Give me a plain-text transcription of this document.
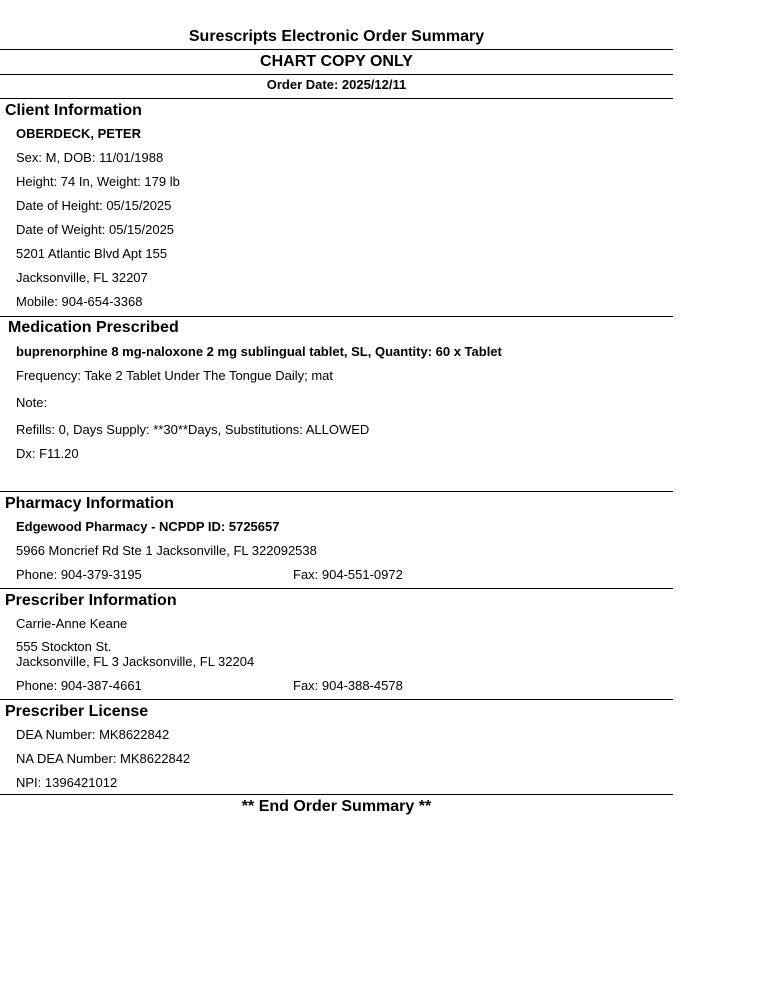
Surescripts Electronic Order Summary
CHART COPY ONLY
Order Date: 2025/12/11
Client Information
OBERDECK, PETER
Sex: M, DOB: 11/01/1988
Height: 74 In, Weight: 179 lb
Date of Height: 05/15/2025
Date of Weight: 05/15/2025
5201 Atlantic Blvd Apt 155
Jacksonville, FL 32207
Mobile: 904-654-3368
Medication Prescribed
buprenorphine 8 mg-naloxone 2 mg sublingual tablet, SL, Quantity: 60 x Tablet
Frequency: Take 2 Tablet Under The Tongue Daily; mat
Note:
Refills: 0, Days Supply: **30**Days, Substitutions: ALLOWED
Dx: F11.20
Pharmacy Information
Edgewood Pharmacy - NCPDP ID: 5725657
5966 Moncrief Rd Ste 1 Jacksonville, FL 322092538
Phone: 904-379-3195	Fax: 904-551-0972
Prescriber Information
Carrie-Anne Keane
555 Stockton St.
Jacksonville, FL 3 Jacksonville, FL 32204
Phone: 904-387-4661	Fax: 904-388-4578
Prescriber License
DEA Number: MK8622842
NA DEA Number: MK8622842
NPI: 1396421012
** End Order Summary **
